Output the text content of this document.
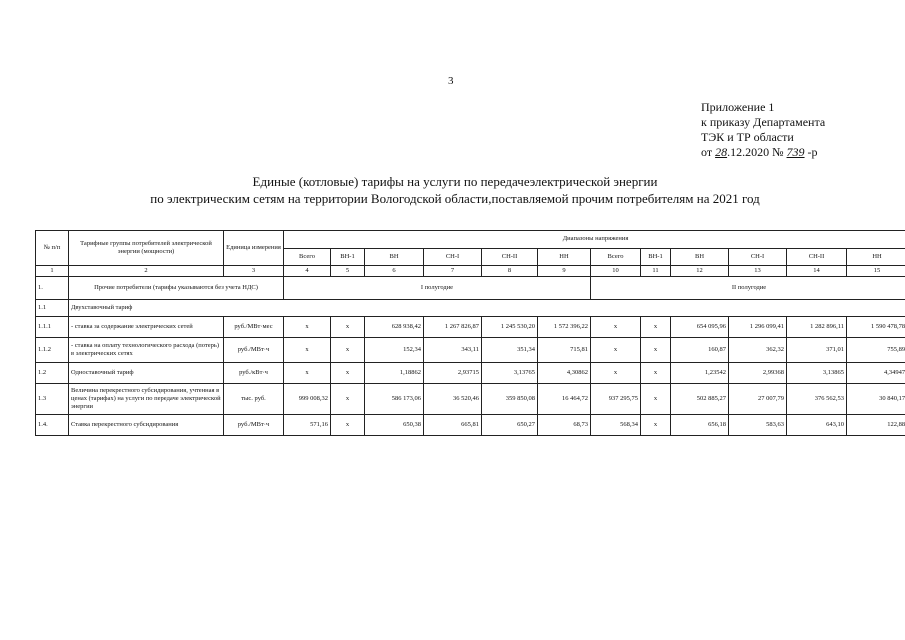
3
Приложение 1
к приказу Департамента
ТЭК и ТР области
от 28.12.2020 № 739 -р
Единые (котловые) тарифы на услуги по передачеэлектрической энергии
по электрическим сетям на территории Вологодской области,поставляемой прочим потребителям на 2021 год
№ п/п	Тарифные группы потребителей электрической энергии (мощности)	Единица измерения	Диапазоны напряжения											
			Всего	ВН-1	ВН	СН-I	СН-II	НН	Всего	ВН-1	ВН	СН-I	СН-II	НН
1	2	3	4	5	6	7	8	9	10	11	12	13	14	15
1.	Прочие потребители (тарифы указываются без учета НДС)		I полугодие						II полугодие					
1.1	Двухставочный тариф													
1.1.1	- ставка за содержание электрических сетей	руб./МВт·мес	x	x	628 938,42	1 267 826,87	1 245 530,20	1 572 396,22	x	x	654 095,96	1 296 099,41	1 282 896,11	1 590 478,78
1.1.2	- ставка на оплату технологического расхода (потерь) в электрических сетях	руб./МВт·ч	x	x	152,34	343,11	351,34	715,81	x	x	160,87	362,32	371,01	755,89
1.2	Одноставочный тариф	руб./кВт·ч	x	x	1,18862	2,93715	3,13765	4,30862	x	x	1,23542	2,99368	3,13865	4,34947
1.3	Величина перекрестного субсидирования, учтенная в ценах (тарифах) на услуги по передаче электрической энергии	тыс. руб.	999 008,32	x	586 173,06	36 520,46	359 850,08	16 464,72	937 295,75	x	502 885,27	27 007,79	376 562,53	30 840,17
1.4.	Ставка перекрестного субсидирования	руб./МВт·ч	571,16	x	650,38	665,81	650,27	68,73	568,34	x	656,18	583,63	643,10	122,88
